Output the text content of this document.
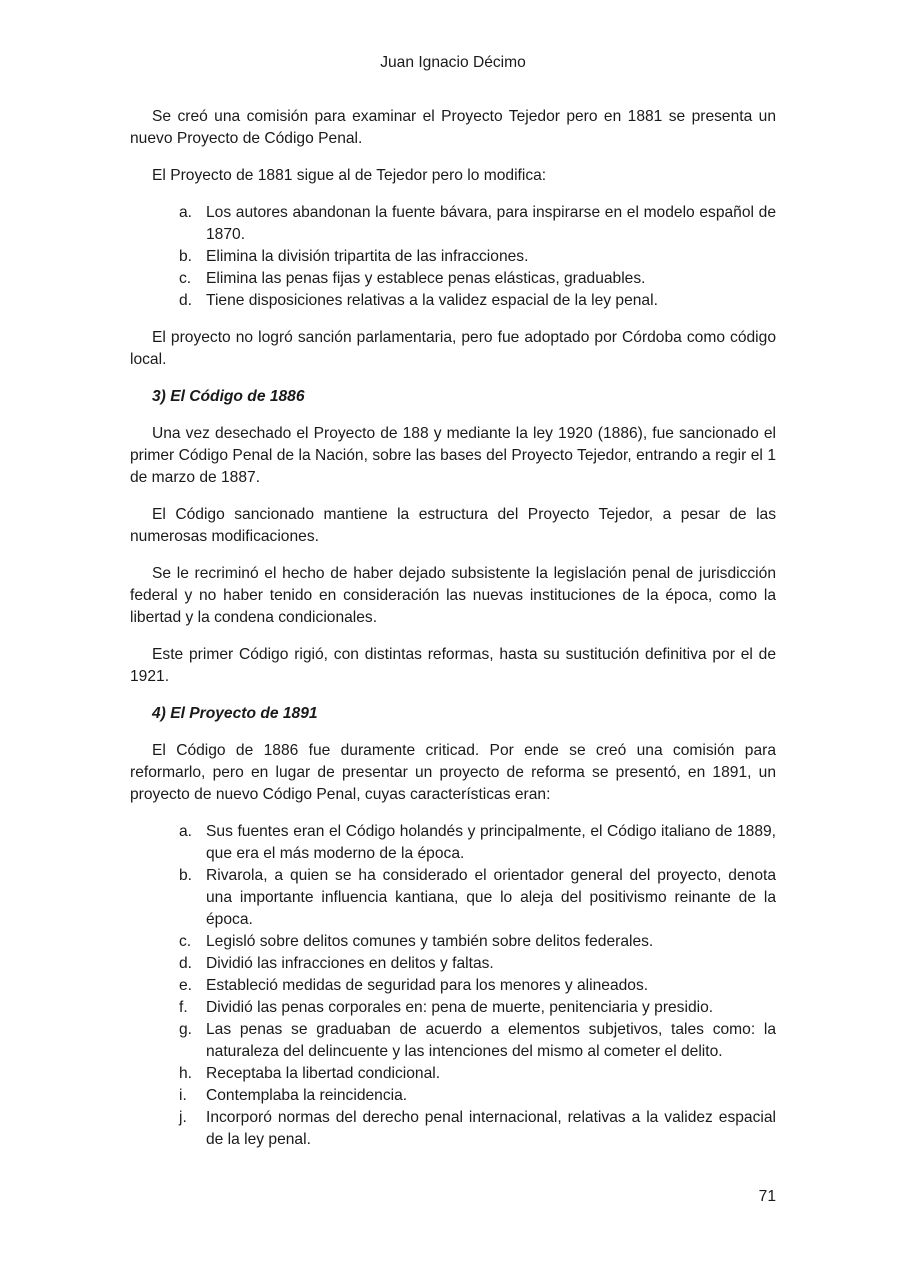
Juan Ignacio Décimo

Se creó una comisión para examinar el Proyecto Tejedor pero en 1881 se presenta un nuevo Proyecto de Código Penal.

El Proyecto de 1881 sigue al de Tejedor pero lo modifica:

a. Los autores abandonan la fuente bávara, para inspirarse en el modelo español de 1870.
b. Elimina la división tripartita de las infracciones.
c. Elimina las penas fijas y establece penas elásticas, graduables.
d. Tiene disposiciones relativas a la validez espacial de la ley penal.

El proyecto no logró sanción parlamentaria, pero fue adoptado por Córdoba como código local.

3) El Código de 1886

Una vez desechado el Proyecto de 188 y mediante la ley 1920 (1886), fue sancionado el primer Código Penal de la Nación, sobre las bases del Proyecto Tejedor, entrando a regir el 1 de marzo de 1887.

El Código sancionado mantiene la estructura del Proyecto Tejedor, a pesar de las numerosas modificaciones.

Se le recriminó el hecho de haber dejado subsistente la legislación penal de jurisdicción federal y no haber tenido en consideración las nuevas instituciones de la época, como la libertad y la condena condicionales.

Este primer Código rigió, con distintas reformas, hasta su sustitución definitiva por el de 1921.

4) El Proyecto de 1891

El Código de 1886 fue duramente criticad. Por ende se creó una comisión para reformarlo, pero en lugar de presentar un proyecto de reforma se presentó, en 1891, un proyecto de nuevo Código Penal, cuyas características eran:

a. Sus fuentes eran el Código holandés y principalmente, el Código italiano de 1889, que era el más moderno de la época.
b. Rivarola, a quien se ha considerado el orientador general del proyecto, denota una importante influencia kantiana, que lo aleja del positivismo reinante de la época.
c. Legisló sobre delitos comunes y también sobre delitos federales.
d. Dividió las infracciones en delitos y faltas.
e. Estableció medidas de seguridad para los menores y alineados.
f. Dividió las penas corporales en: pena de muerte, penitenciaria y presidio.
g. Las penas se graduaban de acuerdo a elementos subjetivos, tales como: la naturaleza del delincuente y las intenciones del mismo al cometer el delito.
h. Receptaba la libertad condicional.
i. Contemplaba la reincidencia.
j. Incorporó normas del derecho penal internacional, relativas a la validez espacial de la ley penal.
71
